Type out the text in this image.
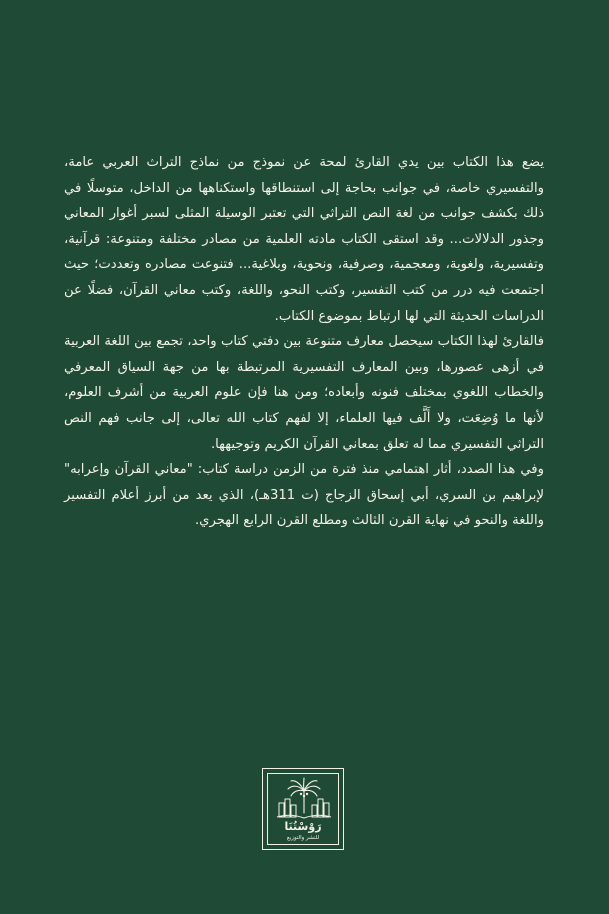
يضع هذا الكتاب بين يدي القارئ لمحة عن نموذج من نماذج التراث العربي عامة، والتفسيري خاصة، في جوانب بحاجة إلى استنطاقها واستكناهها من الداخل، متوسلًا في ذلك بكشف جوانب من لغة النص التراثي التي تعتبر الوسيلة المثلى لسبر أغوار المعاني وجذور الدلالات... وقد استقى الكتاب مادته العلمية من مصادر مختلفة ومتنوعة: قرآنية، وتفسيرية، ولغوية، ومعجمية، وصرفية، ونحوية، وبلاغية... فتنوعت مصادره وتعددت؛ حيث اجتمعت فيه درر من كتب التفسير، وكتب النحو، واللغة، وكتب معاني القرآن، فضلًا عن الدراسات الحديثة التي لها ارتباط بموضوع الكتاب.

فالقارئ لهذا الكتاب سيحصل معارف متنوعة بين دفتي كتاب واحد، تجمع بين اللغة العربية في أزهى عصورها، وبين المعارف التفسيرية المرتبطة بها من جهة السياق المعرفي والخطاب اللغوي بمختلف فنونه وأبعاده؛ ومن هنا فإن علوم العربية من أشرف العلوم، لأنها ما وُضِعَت، ولا أَلَّف فيها العلماء، إلا لفهم كتاب الله تعالى، إلى جانب فهم النص التراثي التفسيري مما له تعلق بمعاني القرآن الكريم وتوجيهها.

وفي هذا الصدد، أثار اهتمامي منذ فترة من الزمن دراسة كتاب: "معاني القرآن وإعرابه" لإبراهيم بن السري، أبي إسحاق الزجاج (ت 311هـ)، الذي يعد من أبرز أعلام التفسير واللغة والنحو في نهاية القرن الثالث ومطلع القرن الرابع الهجري.

رَوْسْتُنَا
للنشر والتوزيع
